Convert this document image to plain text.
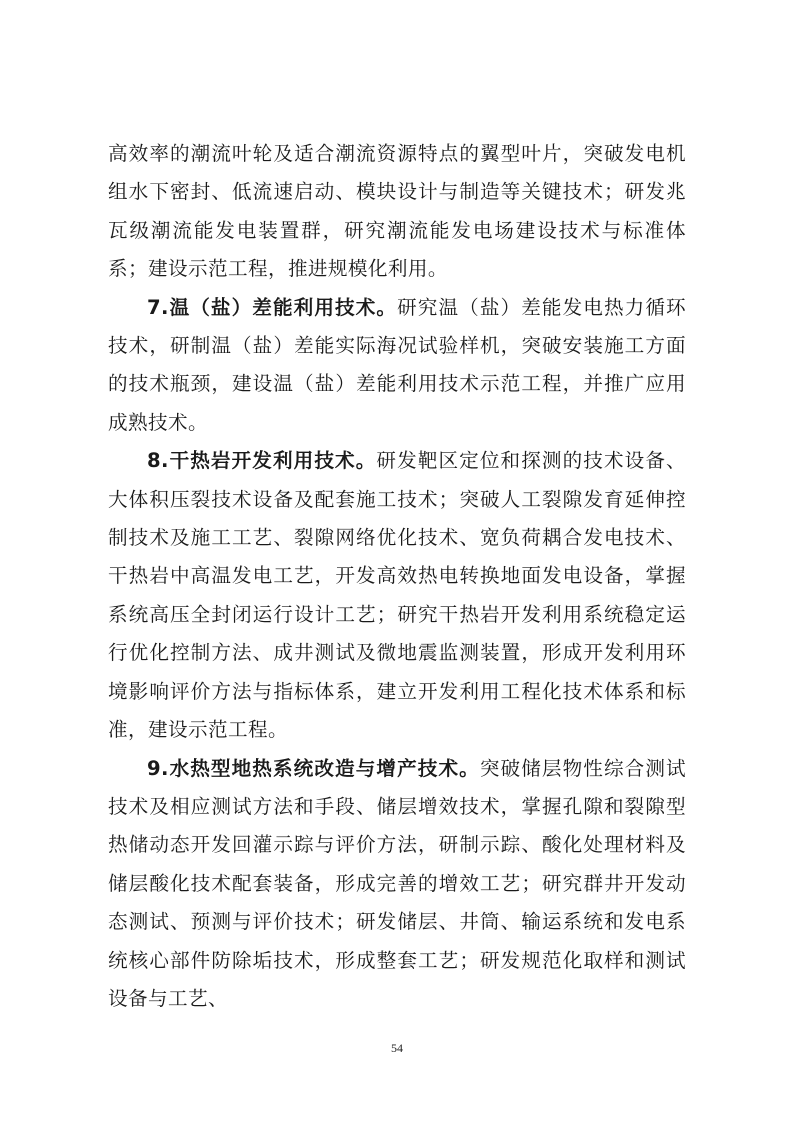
高效率的潮流叶轮及适合潮流资源特点的翼型叶片，突破发电机组水下密封、低流速启动、模块设计与制造等关键技术；研发兆瓦级潮流能发电装置群，研究潮流能发电场建设技术与标准体系；建设示范工程，推进规模化利用。

7.温（盐）差能利用技术。研究温（盐）差能发电热力循环技术，研制温（盐）差能实际海况试验样机，突破安装施工方面的技术瓶颈，建设温（盐）差能利用技术示范工程，并推广应用成熟技术。

8.干热岩开发利用技术。研发靶区定位和探测的技术设备、大体积压裂技术设备及配套施工技术；突破人工裂隙发育延伸控制技术及施工工艺、裂隙网络优化技术、宽负荷耦合发电技术、干热岩中高温发电工艺，开发高效热电转换地面发电设备，掌握系统高压全封闭运行设计工艺；研究干热岩开发利用系统稳定运行优化控制方法、成井测试及微地震监测装置，形成开发利用环境影响评价方法与指标体系，建立开发利用工程化技术体系和标准，建设示范工程。

9.水热型地热系统改造与增产技术。突破储层物性综合测试技术及相应测试方法和手段、储层增效技术，掌握孔隙和裂隙型热储动态开发回灌示踪与评价方法，研制示踪、酸化处理材料及储层酸化技术配套装备，形成完善的增效工艺；研究群井开发动态测试、预测与评价技术；研发储层、井筒、输运系统和发电系统核心部件防除垢技术，形成整套工艺；研发规范化取样和测试设备与工艺、

54
